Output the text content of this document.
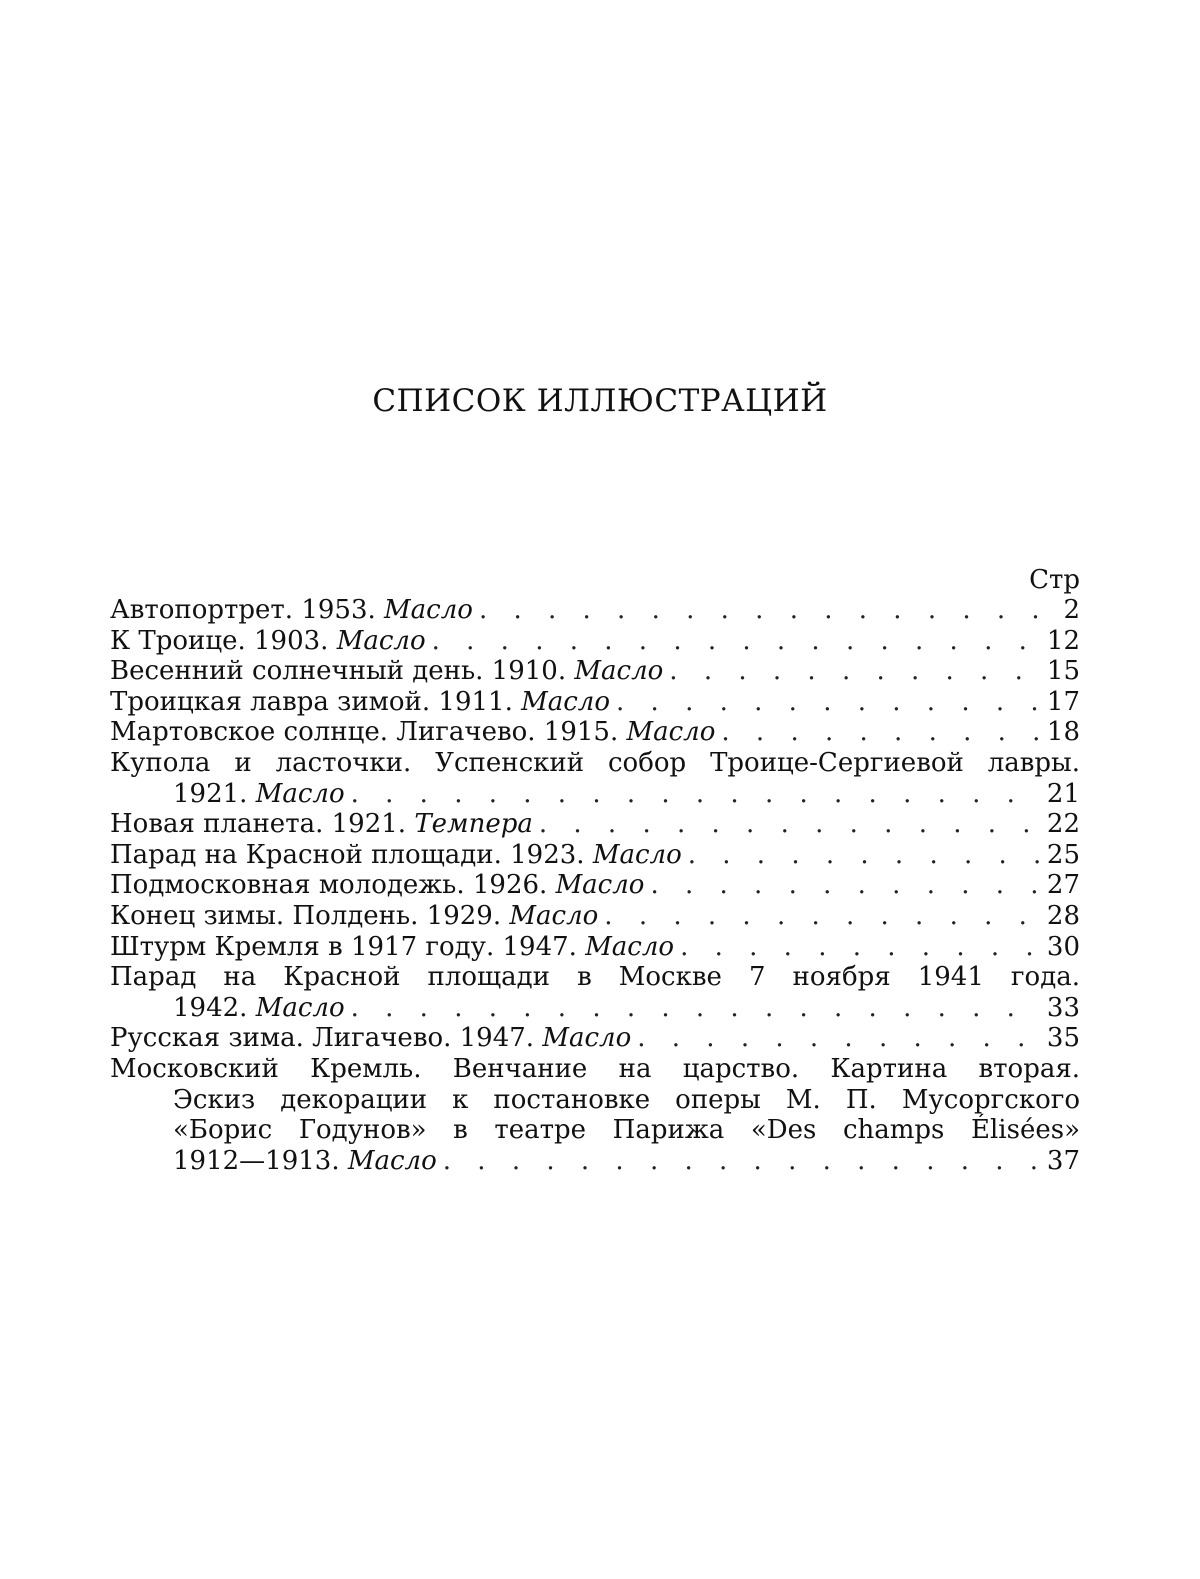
СПИСОК ИЛЛЮСТРАЦИЙ
Стр
Автопортрет. 1953. Масло . . .	2
К Троице. 1903. Масло . . .	12
Весенний солнечный день. 1910. Масло . . .	15
Троицкая лавра зимой. 1911. Масло . . .	17
Мартовское солнце. Лигачево. 1915. Масло . . .	18
Купола и ласточки. Успенский собор Троице-Сергиевой лавры.
1921. Масло . . .	21
Новая планета. 1921. Темпера . . .	22
Парад на Красной площади. 1923. Масло . . .	25
Подмосковная молодежь. 1926. Масло . . .	27
Конец зимы. Полдень. 1929. Масло . . .	28
Штурм Кремля в 1917 году. 1947. Масло . . .	30
Парад на Красной площади в Москве 7 ноября 1941 года.
1942. Масло . . .	33
Русская зима. Лигачево. 1947. Масло . . .	35
Московский Кремль. Венчание на царство. Картина вторая.
Эскиз декорации к постановке оперы М. П. Мусоргского
«Борис Годунов» в театре Парижа «Des champs Élisées»
1912—1913. Масло . . .	37
